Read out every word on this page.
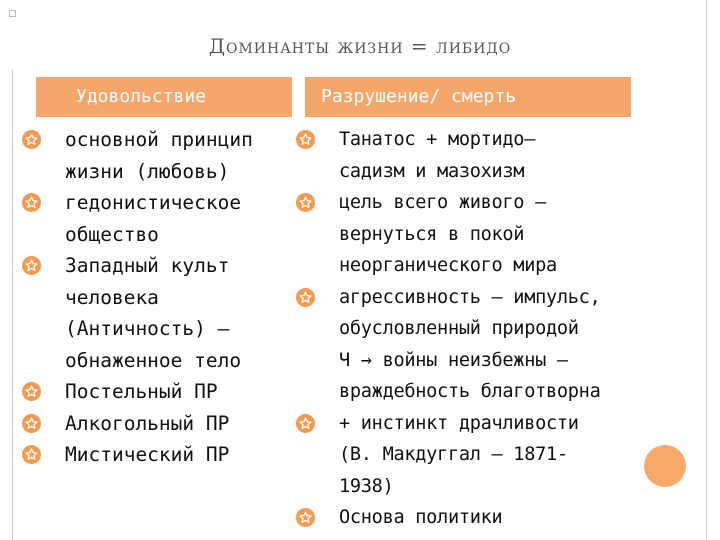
Доминанты жизни = либидо
Удовольствие	Разрушение/ смерть
основной принцип
жизни (любовь)
гедонистическое
общество
Западный культ
человека
(Античность) –
обнаженное тело
Постельный ПР
Алкогольный ПР
Мистический ПР
Танатос + мортидо–
садизм и мазохизм
цель всего живого –
вернуться в покой
неорганического мира
агрессивность – импульс,
обусловленный природой
Ч → войны неизбежны –
враждебность благотворна
+ инстинкт драчливости
(В. Макдуггал – 1871-
1938)
Основа политики
